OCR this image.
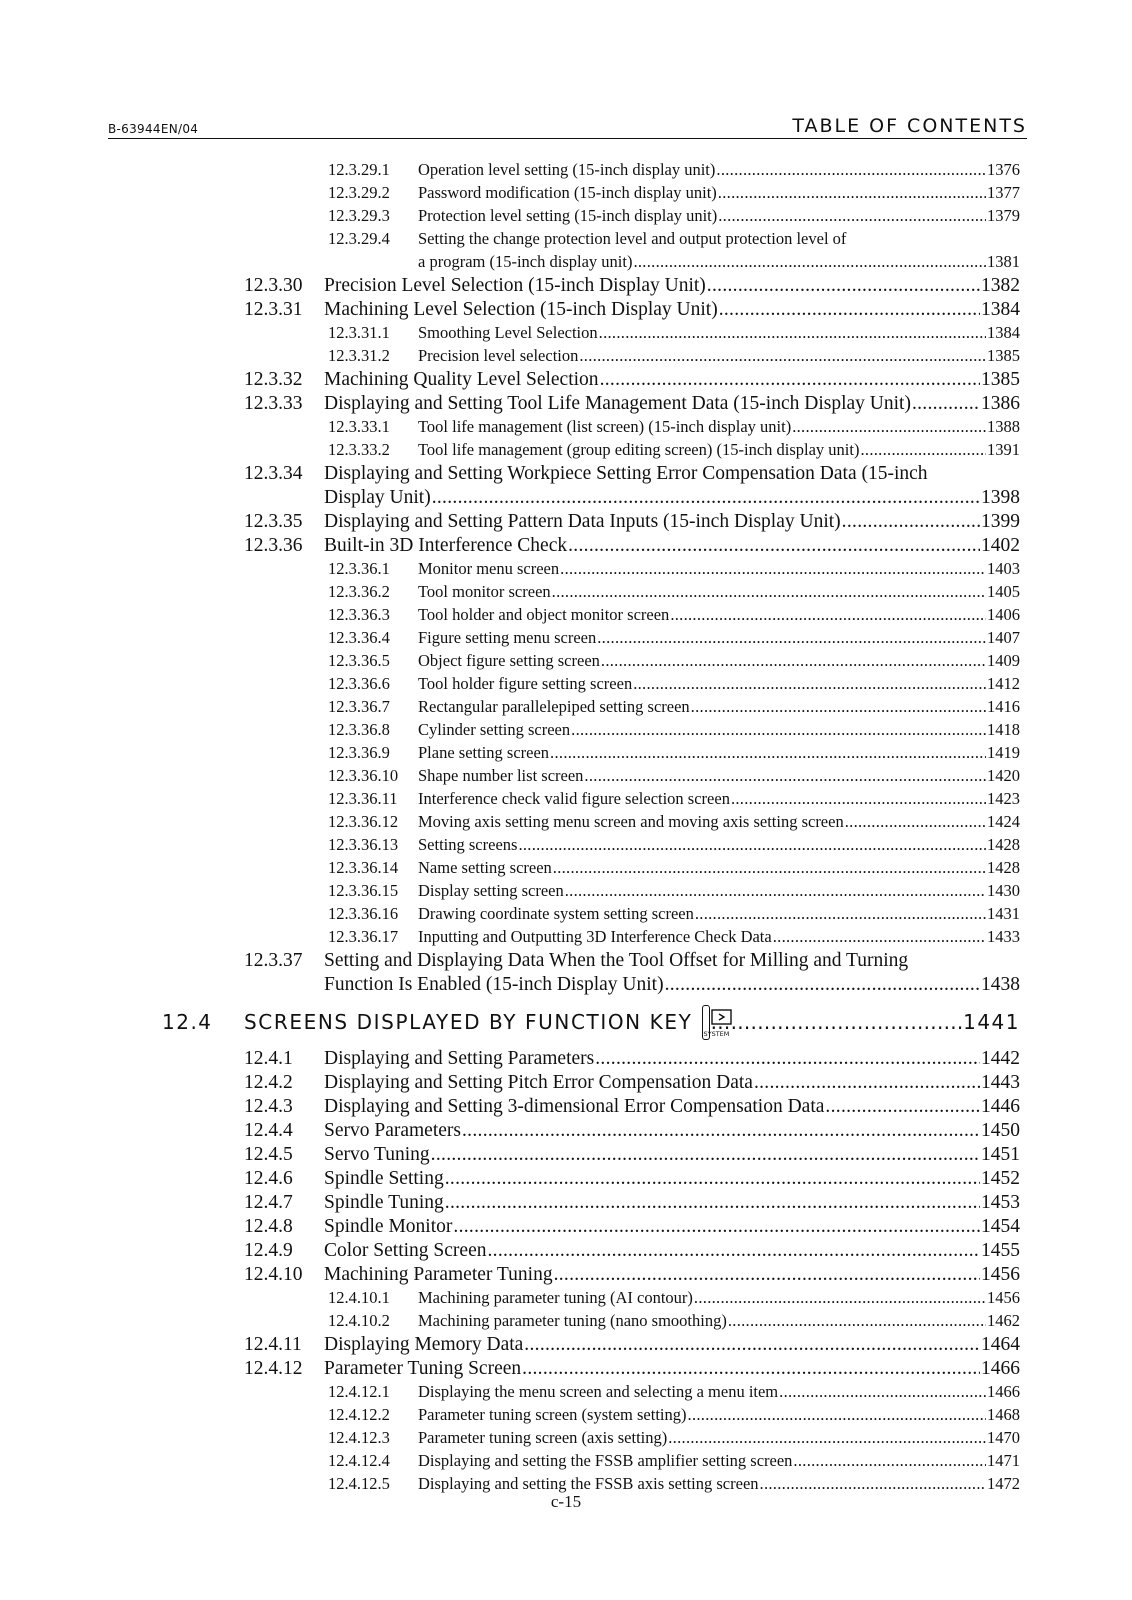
B-63944EN/04	TABLE OF CONTENTS
12.3.29.1	Operation level setting (15-inch display unit) .....	1376
12.3.29.2	Password modification (15-inch display unit) .....	1377
12.3.29.3	Protection level setting (15-inch display unit) .....	1379
12.3.29.4	Setting the change protection level and output protection level of
a program (15-inch display unit) .....	1381
12.3.30	Precision Level Selection (15-inch Display Unit) .....	1382
12.3.31	Machining Level Selection (15-inch Display Unit) .....	1384
12.3.31.1	Smoothing Level Selection .....	1384
12.3.31.2	Precision level selection .....	1385
12.3.32	Machining Quality Level Selection .....	1385
12.3.33	Displaying and Setting Tool Life Management Data (15-inch Display Unit) .....	1386
12.3.33.1	Tool life management (list screen) (15-inch display unit) .....	1388
12.3.33.2	Tool life management (group editing screen) (15-inch display unit) .....	1391
12.3.34	Displaying and Setting Workpiece Setting Error Compensation Data (15-inch
Display Unit) .....	1398
12.3.35	Displaying and Setting Pattern Data Inputs (15-inch Display Unit) .....	1399
12.3.36	Built-in 3D Interference Check .....	1402
12.3.36.1	Monitor menu screen .....	1403
12.3.36.2	Tool monitor screen .....	1405
12.3.36.3	Tool holder and object monitor screen .....	1406
12.3.36.4	Figure setting menu screen .....	1407
12.3.36.5	Object figure setting screen .....	1409
12.3.36.6	Tool holder figure setting screen .....	1412
12.3.36.7	Rectangular parallelepiped setting screen .....	1416
12.3.36.8	Cylinder setting screen .....	1418
12.3.36.9	Plane setting screen .....	1419
12.3.36.10	Shape number list screen .....	1420
12.3.36.11	Interference check valid figure selection screen .....	1423
12.3.36.12	Moving axis setting menu screen and moving axis setting screen .....	1424
12.3.36.13	Setting screens .....	1428
12.3.36.14	Name setting screen .....	1428
12.3.36.15	Display setting screen .....	1430
12.3.36.16	Drawing coordinate system setting screen .....	1431
12.3.36.17	Inputting and Outputting 3D Interference Check Data .....	1433
12.3.37	Setting and Displaying Data When the Tool Offset for Milling and Turning
Function Is Enabled (15-inch Display Unit) .....	1438
12.4	SCREENS DISPLAYED BY FUNCTION KEY SYSTEM .....	1441
12.4.1	Displaying and Setting Parameters .....	1442
12.4.2	Displaying and Setting Pitch Error Compensation Data .....	1443
12.4.3	Displaying and Setting 3-dimensional Error Compensation Data .....	1446
12.4.4	Servo Parameters .....	1450
12.4.5	Servo Tuning .....	1451
12.4.6	Spindle Setting .....	1452
12.4.7	Spindle Tuning .....	1453
12.4.8	Spindle Monitor .....	1454
12.4.9	Color Setting Screen .....	1455
12.4.10	Machining Parameter Tuning .....	1456
12.4.10.1	Machining parameter tuning (AI contour) .....	1456
12.4.10.2	Machining parameter tuning (nano smoothing) .....	1462
12.4.11	Displaying Memory Data .....	1464
12.4.12	Parameter Tuning Screen .....	1466
12.4.12.1	Displaying the menu screen and selecting a menu item .....	1466
12.4.12.2	Parameter tuning screen (system setting) .....	1468
12.4.12.3	Parameter tuning screen (axis setting) .....	1470
12.4.12.4	Displaying and setting the FSSB amplifier setting screen .....	1471
12.4.12.5	Displaying and setting the FSSB axis setting screen .....	1472
c-15
